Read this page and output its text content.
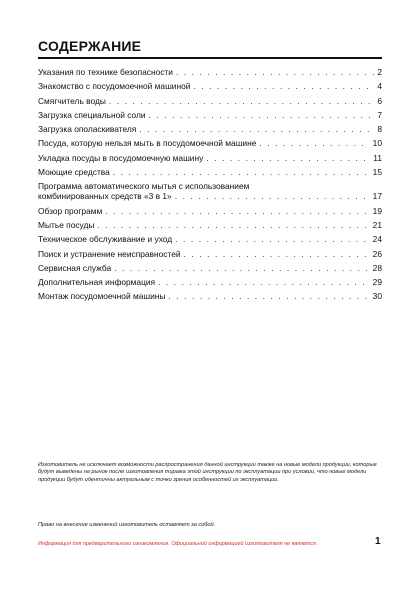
СОДЕРЖАНИЕ
Указания по технике безопасности . . .	2
Знакомство с посудомоечной машиной . . .	4
Смягчитель воды . . .	6
Загрузка специальной соли . . .	7
Загрузка ополаскивателя . . .	8
Посуда, которую нельзя мыть в посудомоечной машине . . .	10
Укладка посуды в посудомоечную машину . . .	11
Моющие средства . . .	15
Программа автоматического мытья с использованием
комбинированных средств «3 в 1» . . .	17
Обзор программ . . .	19
Мытье посуды . . .	21
Техническое обслуживание и уход . . .	24
Поиск и устранение неисправностей . . .	26
Сервисная служба . . .	28
Дополнительная информация . . .	29
Монтаж посудомоечной машины . . .	30

Изготовитель не исключает возможности распространения данной инструкции также на новые модели продукции, которые будут выведены на рынок после изготовления тиража этой инструкции по эксплуатации при условии, что новые модели продукции будут идентичны актуальным с точки зрения особенностей их эксплуатации.

Право на внесение изменений изготовитель оставляет за собой.

Информация для предварительного ознакомления. Официальной информацией изготовителя не является.	1
